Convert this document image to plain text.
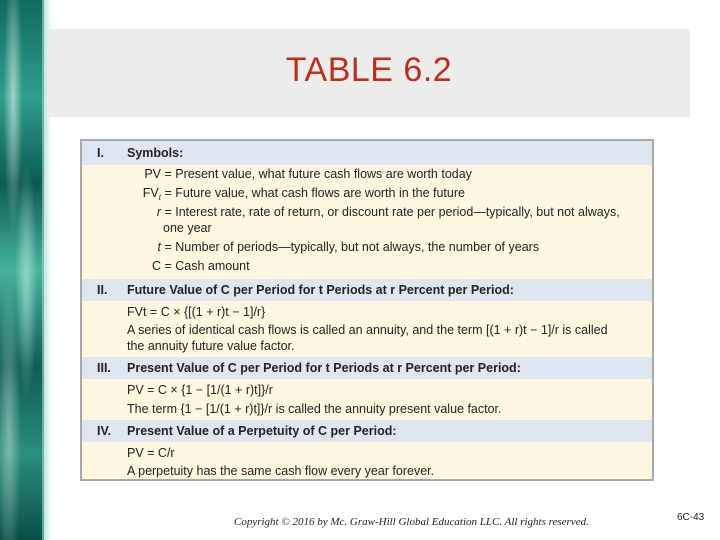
TABLE 6.2
I. Symbols:
PV = Present value, what future cash flows are worth today
$FV_t$ = Future value, what cash flows are worth in the future
r = Interest rate, rate of return, or discount rate per period—typically, but not always,
one year
t = Number of periods—typically, but not always, the number of years
C = Cash amount
II. Future Value of C per Period for t Periods at r Percent per Period:
FVt = C × {[(1 + r)t − 1]/r}
A series of identical cash flows is called an annuity, and the term [(1 + r)t − 1]/r is called
the annuity future value factor.
III. Present Value of C per Period for t Periods at r Percent per Period:
PV = C × {1 − [1/(1 + r)t]}/r
The term {1 − [1/(1 + r)t]}/r is called the annuity present value factor.
IV. Present Value of a Perpetuity of C per Period:
PV = C/r
A perpetuity has the same cash flow every year forever.
Copyright © 2016 by Mc. Graw-Hill Global Education LLC. All rights reserved.	6C-43
